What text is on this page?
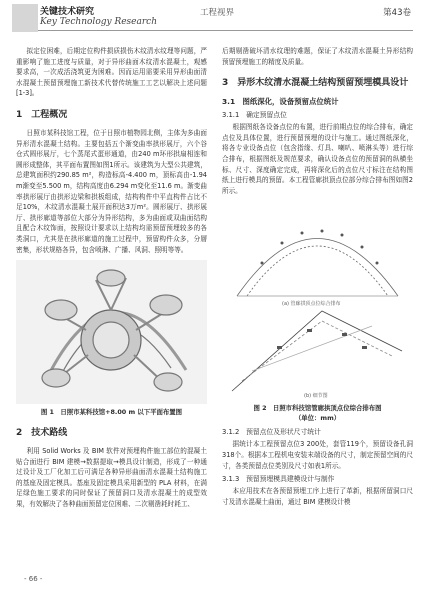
关键技术研究
Key Technology Research
工程视界	第43卷

拟定位困难，后期定位构件损质损伤木纹清水纹理等问题，严重影响了施工进度与质量，对于异形曲面木纹清水混凝土，观感要求高，一次成活浇筑更为困难。因而运用需要采用异形曲面清水混凝土预留预埋施工新技术代替传统施工工艺以解决上述问题[1-3]。

1　工程概况

日照市某科技馆工程，位于日照市植物园北侧，主体为多曲面异形清水混凝土结构。主要包括五个渐变曲率拱形展厅，六个谷仓式圆形展厅，七个蒸尾式蛋形通道，由240 m环形拱扇相连和圆形成整体，其平面布置图如图1所示。该建筑为大型公共建筑，总建筑面积约290.85 m²，构造标高-4.400 m，顶标高由-1.94 m渐变至5.500 m，结构高度由6.294 m变化至11.6 m。渐变曲率拱形展厅由拱形边梁和拱板组成，结构构件中平直构件占比不足10%，木纹清水混凝土展开面积达3万m²。圆形展厅、拱形展厅、拱形廊道等部位大部分为异形结构，多为曲面或双曲面结构且配合木纹饰面，按照设计要求以上结构均需预留预埋较多的各类洞口，尤其是在拱形廊道的施工过程中，预留构件众多，分層密集，形状规格各异，包含喷淋、广播、风洞、照明等等。

图 1　日照市某科技馆+8.00 m 以下平面布置图
2　技术路线

利用 Solid Works 及 BIM 软件对预埋构件施工部位的混凝土贴合面进行 BIM 建模→数据提取→模具设计制造，形成了一种通过设计及工厂化加工后可满足各种异形曲面清水混凝土结构施工的基座及固定模具。基座及固定模具采用新型的 PLA 材料，在满足绿色施工要求的同时保证了预留洞口及清水混凝土的成型效果，有效解决了各种曲面预留定位困难、二次剔凿耗时耗工、

后期剔凿破坏清水纹理的难题，保证了木纹清水混凝土异形结构预留预埋施工的精度及质量。

3　异形木纹清水混凝土结构预留预埋模具设计
3.1　图纸深化，设备预留点位统计
3.1.1　确定预留点位

根据图纸各设备点位的布置，进行前期点位的综合排布，确定点位及具体位置，进行预留预埋的设计与施工。通过图纸深化，将各专业设备点位（包含指缘、灯具、喇叭、喷淋头等）进行综合排布，根据图纸及规范要求，确认设备点位的预留洞的纵横坐标、尺寸、深度确定完成，再将深化后的点位尺寸标注在结构图纸上进行模具的预留。本工程管廊拱顶点位部分综合排布图如图2所示。

(a) 管廊拱顶点位综合排布
(b) 细节图
图 2　日照市科技馆管廊拱顶点位综合排布图
（单位：mm）
3.1.2　预留点位及形状尺寸统计

据统计本工程预留点位3 200处，套管119个，预留设备孔洞318个。根据本工程机电安装末端设备的尺寸，制定预留空间的尺寸，各类预留点位类别及尺寸如表1所示。

3.1.3　预留预埋模具建模设计与制作

本应用技术在各预留预埋工序上进行了革新，根据所留洞口尺寸及清水混凝土曲面，通过 BIM 建模设计模

- 66 -
